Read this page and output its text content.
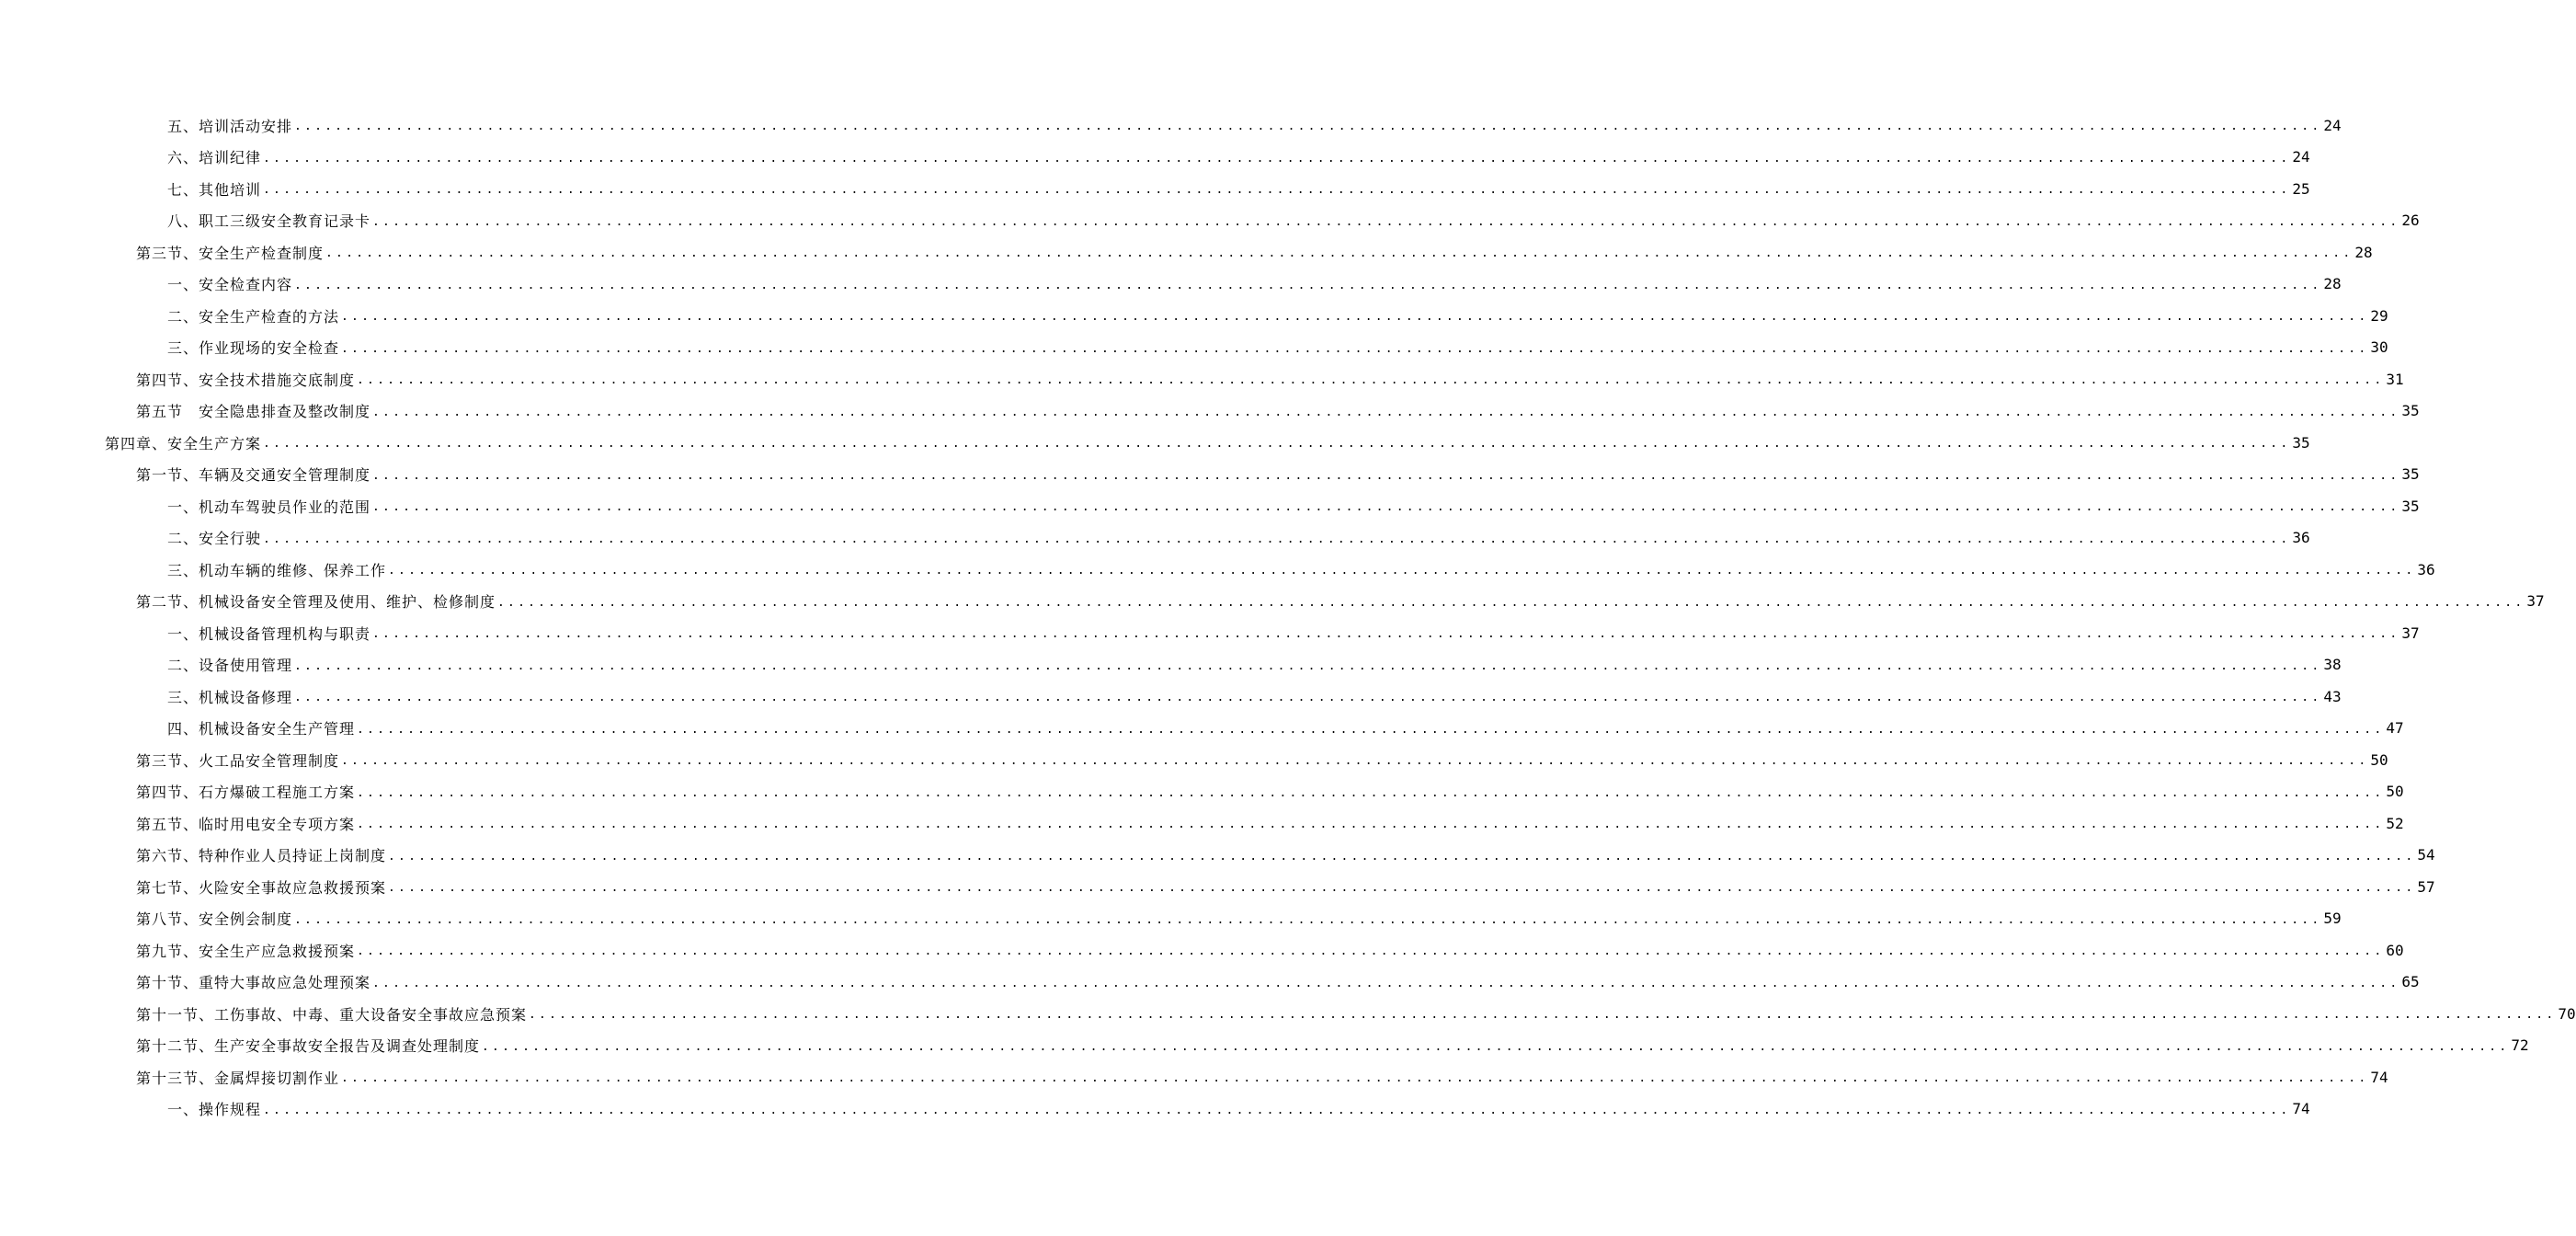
五、培训活动安排 ........................................................................................................................................................................................................ 24
六、培训纪律 ........................................................................................................................................................................................................ 24
七、其他培训 ........................................................................................................................................................................................................ 25
八、职工三级安全教育记录卡 ........................................................................................................................................................................................................ 26
第三节、安全生产检查制度 ........................................................................................................................................................................................................ 28
一、安全检查内容 ........................................................................................................................................................................................................ 28
二、安全生产检查的方法 ........................................................................................................................................................................................................ 29
三、作业现场的安全检查 ........................................................................................................................................................................................................ 30
第四节、安全技术措施交底制度 ........................................................................................................................................................................................................ 31
第五节　安全隐患排查及整改制度 ........................................................................................................................................................................................................ 35
第四章、安全生产方案 ........................................................................................................................................................................................................ 35
第一节、车辆及交通安全管理制度 ........................................................................................................................................................................................................ 35
一、机动车驾驶员作业的范围 ........................................................................................................................................................................................................ 35
二、安全行驶 ........................................................................................................................................................................................................ 36
三、机动车辆的维修、保养工作 ........................................................................................................................................................................................................ 36
第二节、机械设备安全管理及使用、维护、检修制度 ........................................................................................................................................................................................................ 37
一、机械设备管理机构与职责 ........................................................................................................................................................................................................ 37
二、设备使用管理 ........................................................................................................................................................................................................ 38
三、机械设备修理 ........................................................................................................................................................................................................ 43
四、机械设备安全生产管理 ........................................................................................................................................................................................................ 47
第三节、火工品安全管理制度 ........................................................................................................................................................................................................ 50
第四节、石方爆破工程施工方案 ........................................................................................................................................................................................................ 50
第五节、临时用电安全专项方案 ........................................................................................................................................................................................................ 52
第六节、特种作业人员持证上岗制度 ........................................................................................................................................................................................................ 54
第七节、火险安全事故应急救援预案 ........................................................................................................................................................................................................ 57
第八节、安全例会制度 ........................................................................................................................................................................................................ 59
第九节、安全生产应急救援预案 ........................................................................................................................................................................................................ 60
第十节、重特大事故应急处理预案 ........................................................................................................................................................................................................ 65
第十一节、工伤事故、中毒、重大设备安全事故应急预案 ........................................................................................................................................................................................................ 70
第十二节、生产安全事故安全报告及调查处理制度 ........................................................................................................................................................................................................ 72
第十三节、金属焊接切割作业 ........................................................................................................................................................................................................ 74
一、操作规程 ........................................................................................................................................................................................................ 74
